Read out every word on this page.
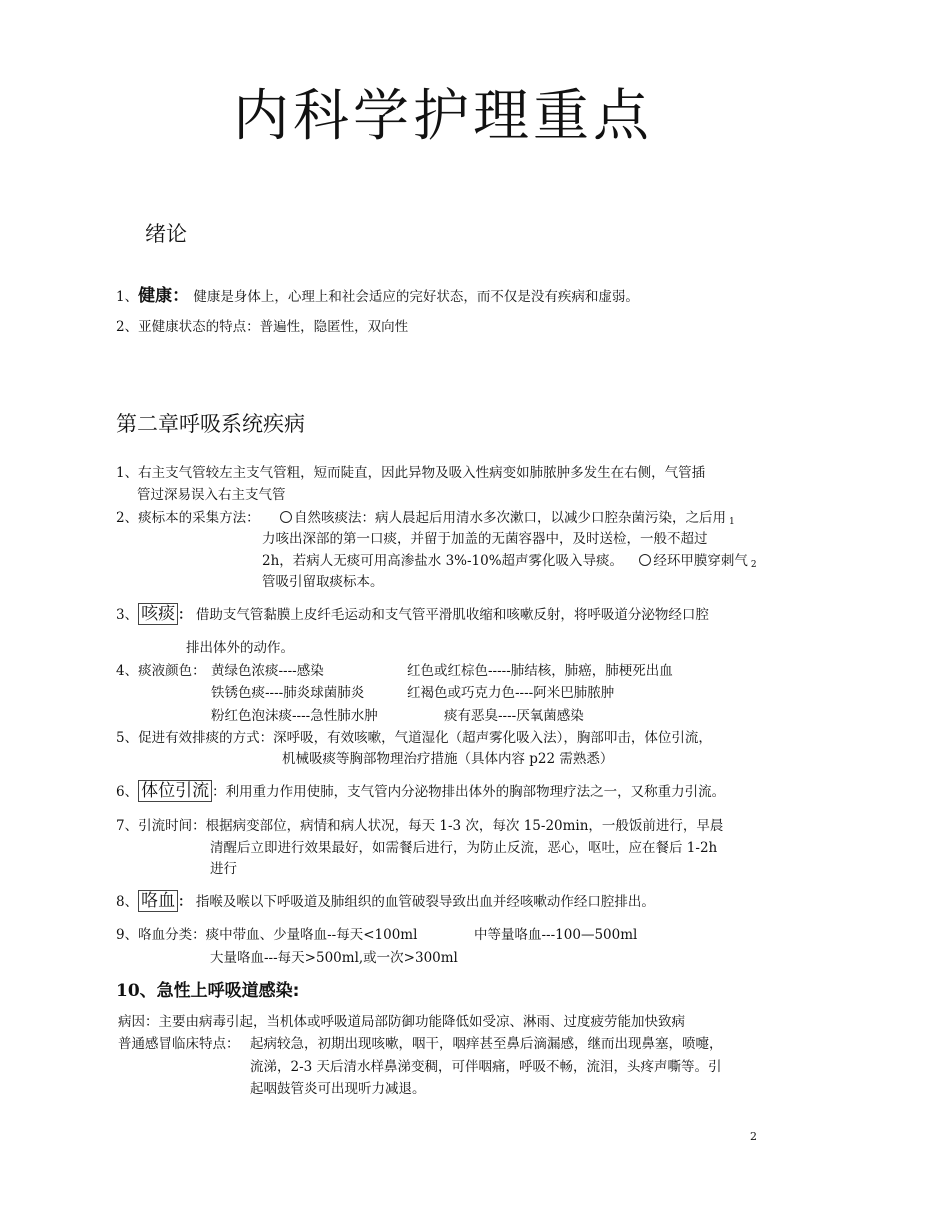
内科学护理重点
绪论
1、健康： 健康是身体上，心理上和社会适应的完好状态，而不仅是没有疾病和虚弱。
2、亚健康状态的特点：普遍性，隐匿性，双向性
第二章呼吸系统疾病
1、右主支气管较左主支气管粗，短而陡直，因此异物及吸入性病变如肺脓肿多发生在右侧，气管插
管过深易误入右主支气管
2、痰标本的采集方法：	自然咳痰法：病人晨起后用清水多次漱口，以减少口腔杂菌污染，之后用 $_1$
力咳出深部的第一口痰，并留于加盖的无菌容器中，及时送检，一般不超过
2h，若病人无痰可用高渗盐水 3%-10%超声雾化吸入导痰。 经环甲膜穿刺气 $_2$
管吸引留取痰标本。
3、 咳痰 ： 借助支气管黏膜上皮纤毛运动和支气管平滑肌收缩和咳嗽反射，将呼吸道分泌物经口腔
排出体外的动作。
4、痰液颜色： 黄绿色浓痰----感染	红色或红棕色-----肺结核，肺癌，肺梗死出血
铁锈色痰----肺炎球菌肺炎	红褐色或巧克力色----阿米巴肺脓肿
粉红色泡沫痰----急性肺水肿	痰有恶臭----厌氧菌感染
5、促进有效排痰的方式：深呼吸，有效咳嗽，气道湿化（超声雾化吸入法），胸部叩击，体位引流，
机械吸痰等胸部物理治疗措施（具体内容 p22 需熟悉）
6、 体位引流 ：利用重力作用使肺，支气管内分泌物排出体外的胸部物理疗法之一，又称重力引流。
7、引流时间：根据病变部位，病情和病人状况，每天 1-3 次，每次 15-20min，一般饭前进行，早晨
清醒后立即进行效果最好，如需餐后进行，为防止反流，恶心，呕吐，应在餐后 1-2h
进行
8、 咯血 ： 指喉及喉以下呼吸道及肺组织的血管破裂导致出血并经咳嗽动作经口腔排出。
9、咯血分类：痰中带血、少量咯血--每天<100ml	中等量咯血---100—500ml
大量咯血---每天>500ml,或一次>300ml
10、急性上呼吸道感染:
病因：主要由病毒引起，当机体或呼吸道局部防御功能降低如受凉、淋雨、过度疲劳能加快致病
普通感冒临床特点： 起病较急，初期出现咳嗽，咽干，咽痒甚至鼻后滴漏感，继而出现鼻塞，喷嚏，
流涕，2-3 天后清水样鼻涕变稠，可伴咽痛，呼吸不畅，流泪，头疼声嘶等。引
起咽鼓管炎可出现听力减退。
2
